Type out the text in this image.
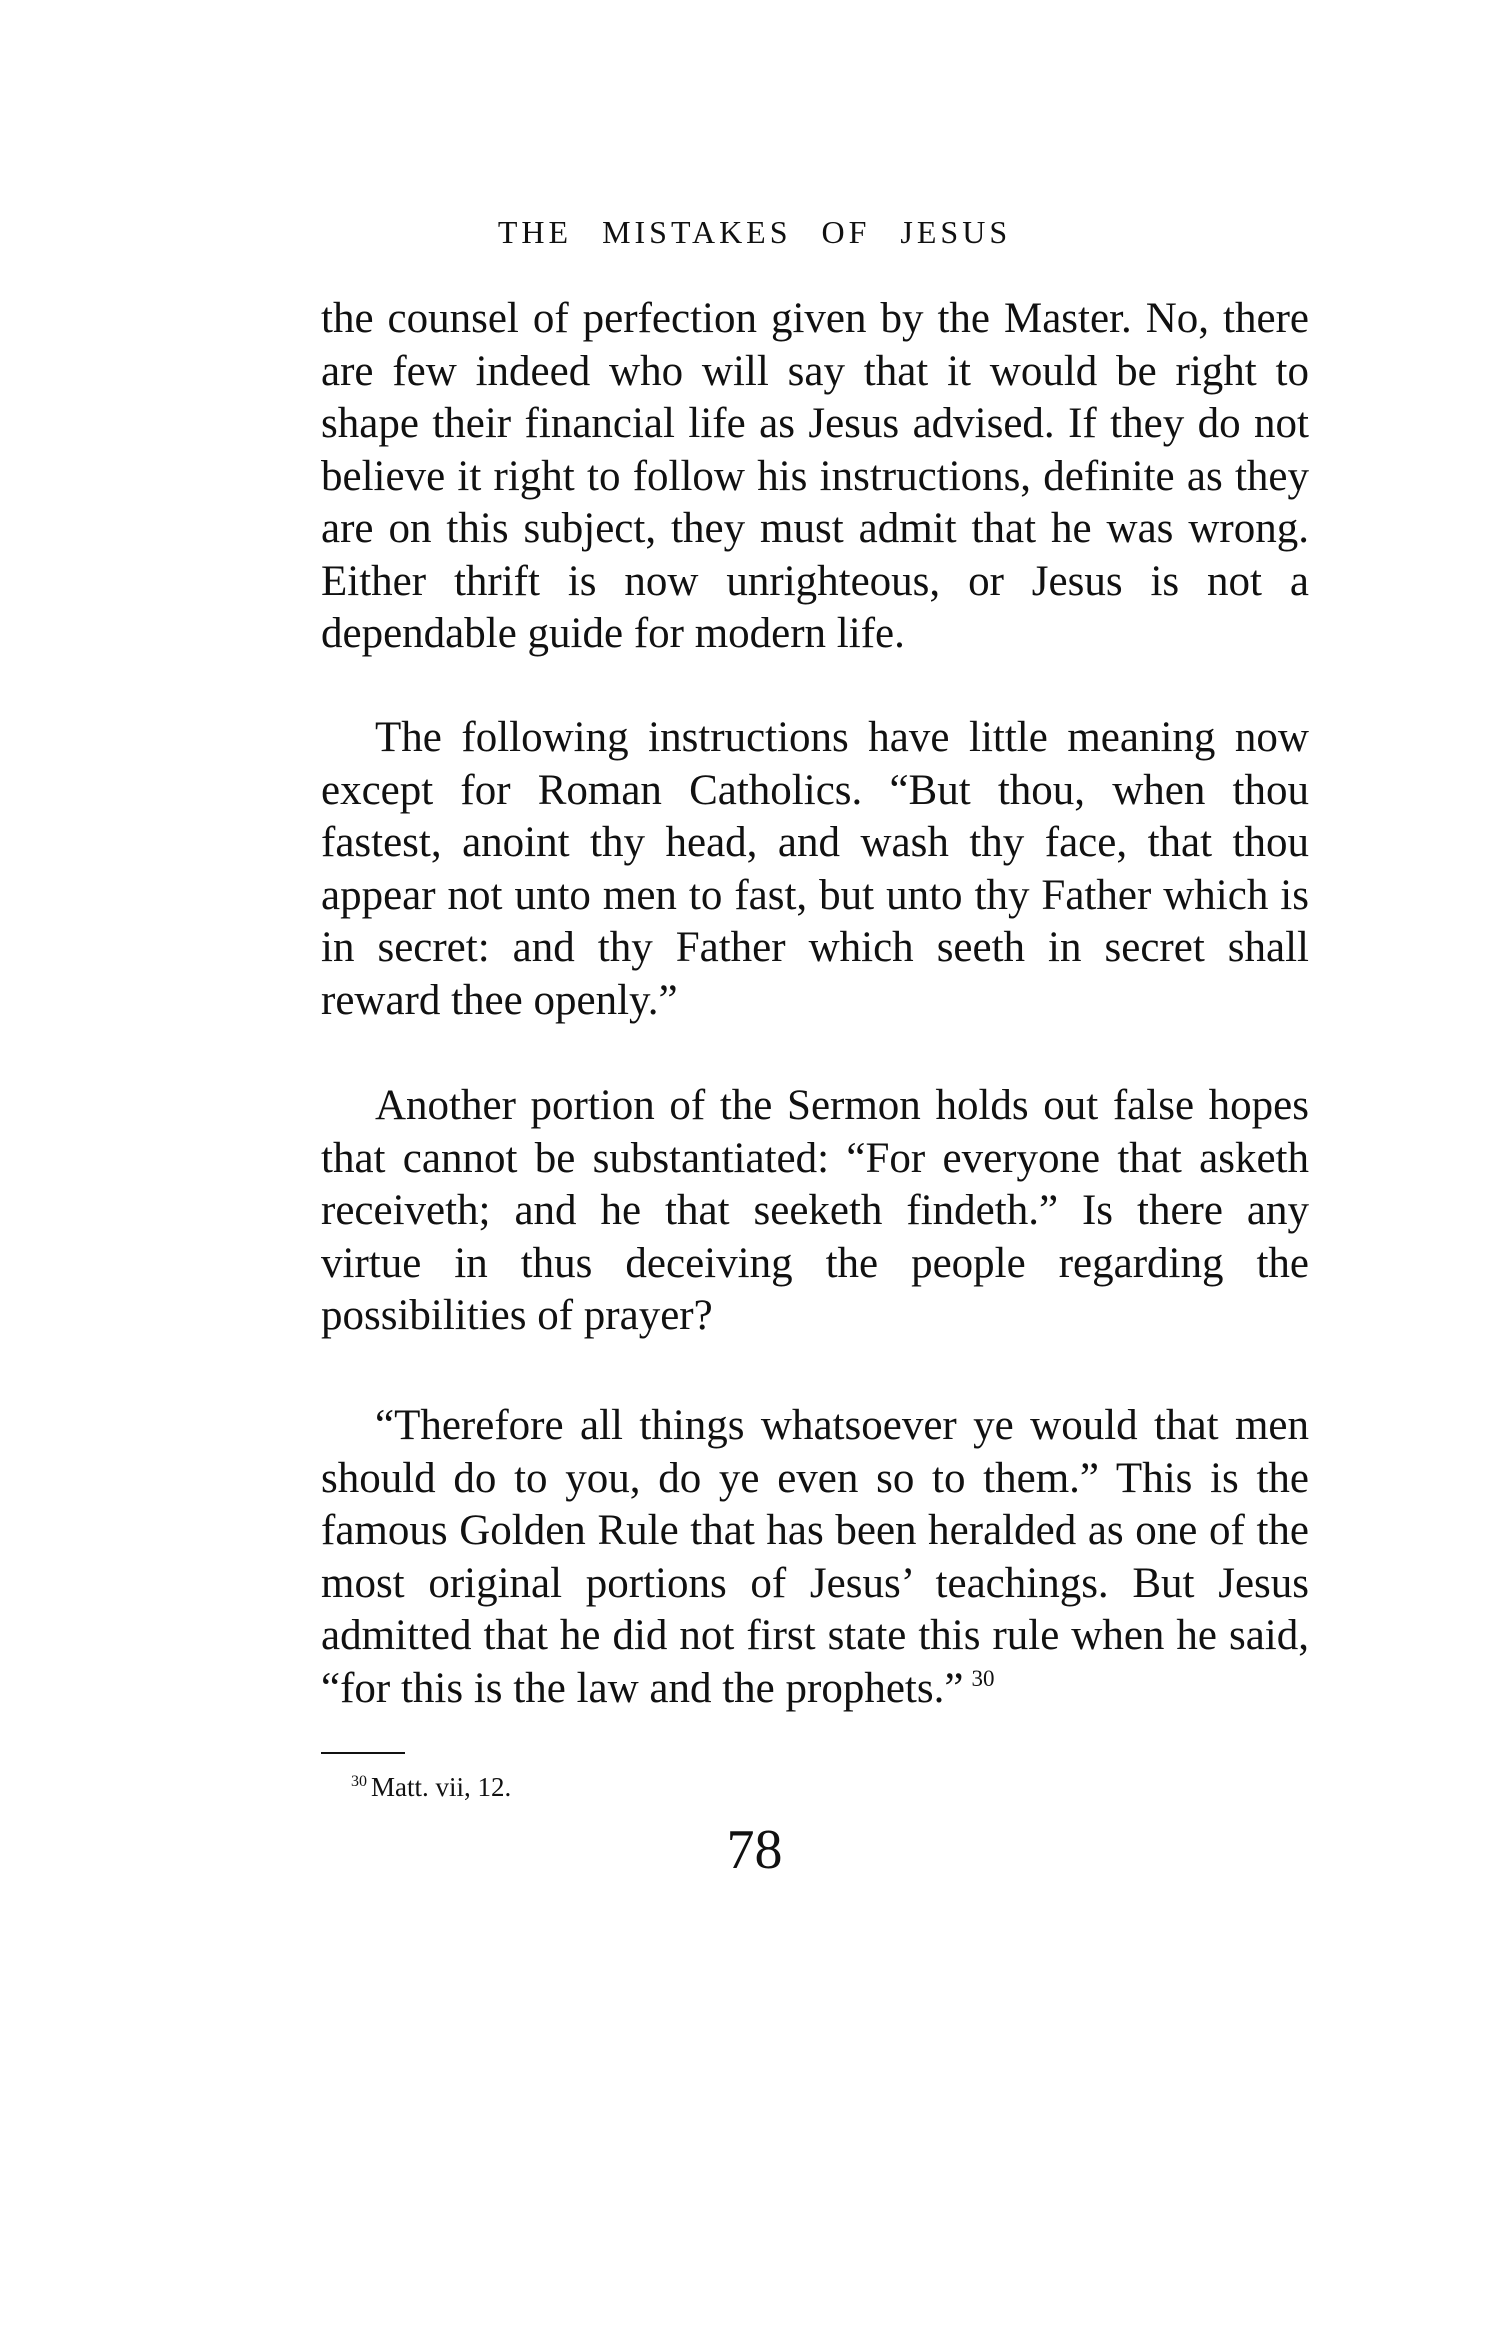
THE MISTAKES OF JESUS

the counsel of perfection given by the Master. No, there are few indeed who will say that it would be right to shape their financial life as Jesus advised. If they do not believe it right to follow his instructions, definite as they are on this subject, they must admit that he was wrong. Either thrift is now unrighteous, or Jesus is not a dependable guide for modern life.

The following instructions have little meaning now except for Roman Catholics. “But thou, when thou fastest, anoint thy head, and wash thy face, that thou appear not unto men to fast, but unto thy Father which is in secret: and thy Father which seeth in secret shall reward thee openly.”

Another portion of the Sermon holds out false hopes that cannot be substantiated: “For everyone that asketh receiveth; and he that seeketh findeth.” Is there any virtue in thus deceiving the people regarding the possibilities of prayer?

“Therefore all things whatsoever ye would that men should do to you, do ye even so to them.” This is the famous Golden Rule that has been heralded as one of the most original portions of Jesus’ teachings. But Jesus admitted that he did not first state this rule when he said, “for this is the law and the prophets.” $^{30}$

$^{30}$ Matt. vii, 12.
78
